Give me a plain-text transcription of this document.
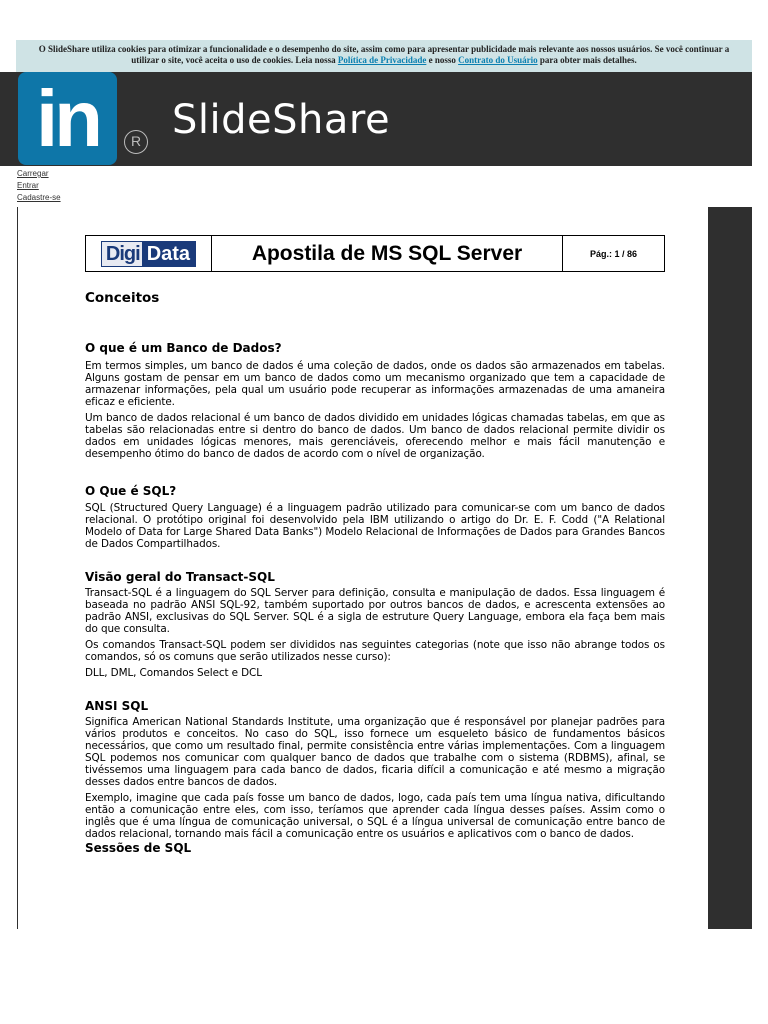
O SlideShare utiliza cookies para otimizar a funcionalidade e o desempenho do site, assim como para apresentar publicidade mais relevante aos nossos usuários. Se você continuar a utilizar o site, você aceita o uso de cookies. Leia nossa Política de Privacidade e nosso Contrato do Usuário para obter mais detalhes.
in	R SlideShare
Carregar
Entrar
Cadastre-se
Digi Data	Apostila de MS SQL Server	Pág.: 1 / 86
Conceitos
O que é um Banco de Dados?

Em termos simples, um banco de dados é uma coleção de dados, onde os dados são armazenados em tabelas. Alguns gostam de pensar em um banco de dados como um mecanismo organizado que tem a capacidade de armazenar informações, pela qual um usuário pode recuperar as informações armazenadas de uma amaneira eficaz e eficiente.

Um banco de dados relacional é um banco de dados dividido em unidades lógicas chamadas tabelas, em que as tabelas são relacionadas entre si dentro do banco de dados. Um banco de dados relacional permite dividir os dados em unidades lógicas menores, mais gerenciáveis, oferecendo melhor e mais fácil manutenção e desempenho ótimo do banco de dados de acordo com o nível de organização.

O Que é SQL?

SQL (Structured Query Language) é a linguagem padrão utilizado para comunicar-se com um banco de dados relacional. O protótipo original foi desenvolvido pela IBM utilizando o artigo do Dr. E. F. Codd ("A Relational Modelo of Data for Large Shared Data Banks") Modelo Relacional de Informações de Dados para Grandes Bancos de Dados Compartilhados.

Visão geral do Transact-SQL

Transact-SQL é a linguagem do SQL Server para definição, consulta e manipulação de dados. Essa linguagem é baseada no padrão ANSI SQL-92, também suportado por outros bancos de dados, e acrescenta extensões ao padrão ANSI, exclusivas do SQL Server. SQL é a sigla de estruture Query Language, embora ela faça bem mais do que consulta.

Os comandos Transact-SQL podem ser divididos nas seguintes categorias (note que isso não abrange todos os comandos, só os comuns que serão utilizados nesse curso):

DLL, DML, Comandos Select e DCL

ANSI SQL

Significa American National Standards Institute, uma organização que é responsável por planejar padrões para vários produtos e conceitos. No caso do SQL, isso fornece um esqueleto básico de fundamentos básicos necessários, que como um resultado final, permite consistência entre várias implementações. Com a linguagem SQL podemos nos comunicar com qualquer banco de dados que trabalhe com o sistema (RDBMS), afinal, se tivéssemos uma linguagem para cada banco de dados, ficaria difícil a comunicação e até mesmo a migração desses dados entre bancos de dados.

Exemplo, imagine que cada país fosse um banco de dados, logo, cada país tem uma língua nativa, dificultando então a comunicação entre eles, com isso, teríamos que aprender cada língua desses países. Assim como o inglês que é uma língua de comunicação universal, o SQL é a língua universal de comunicação entre banco de dados relacional, tornando mais fácil a comunicação entre os usuários e aplicativos com o banco de dados.

Sessões de SQL
